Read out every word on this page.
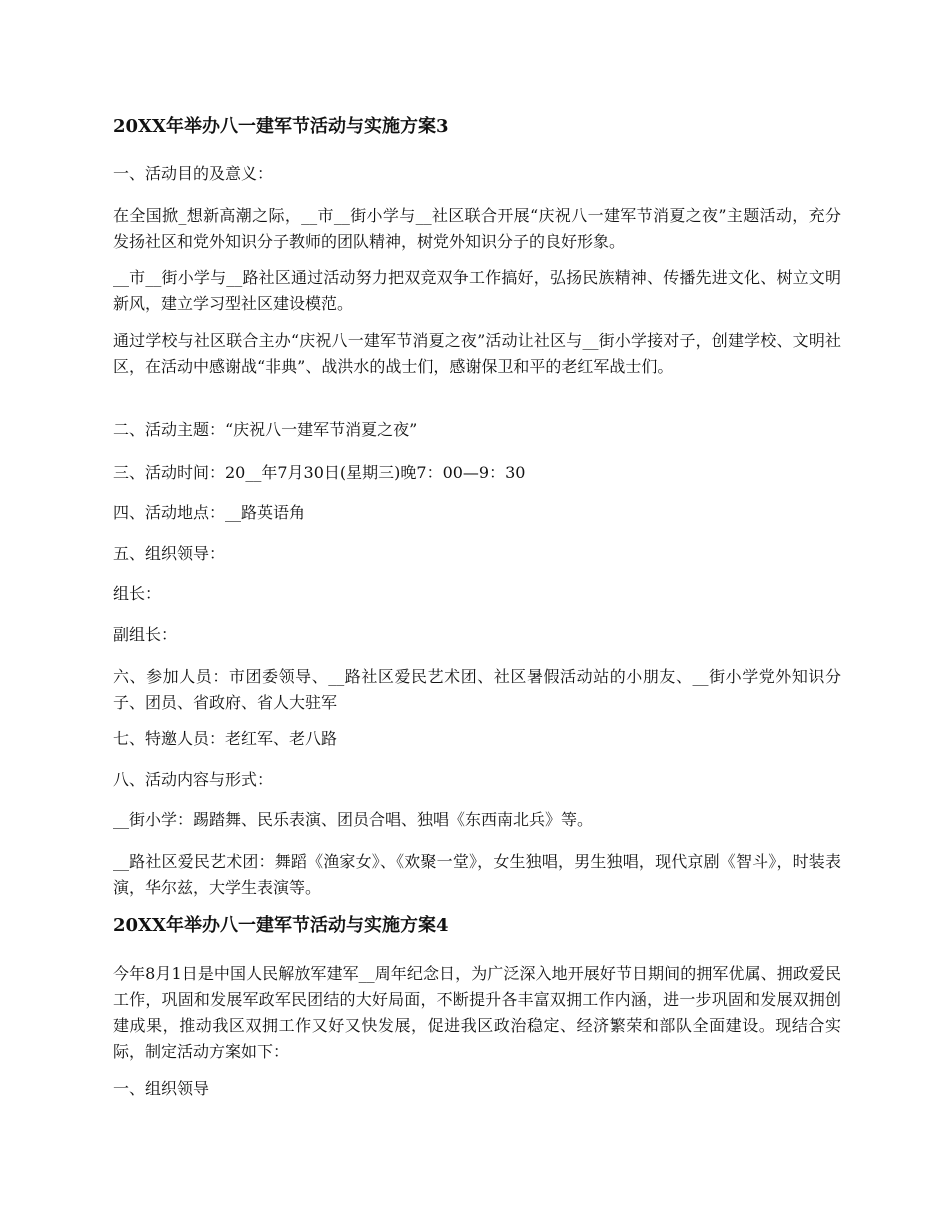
20XX年举办八一建军节活动与实施方案3

一、活动目的及意义：

在全国掀_想新高潮之际，__市__街小学与__社区联合开展“庆祝八一建军节消夏之夜”主题活动，充分发扬社区和党外知识分子教师的团队精神，树党外知识分子的良好形象。

__市__街小学与__路社区通过活动努力把双竞双争工作搞好，弘扬民族精神、传播先进文化、树立文明新风，建立学习型社区建设模范。

通过学校与社区联合主办“庆祝八一建军节消夏之夜”活动让社区与__街小学接对子，创建学校、文明社区，在活动中感谢战“非典”、战洪水的战士们，感谢保卫和平的老红军战士们。

二、活动主题：“庆祝八一建军节消夏之夜”

三、活动时间：20__年7月30日(星期三)晚7：00—9：30

四、活动地点：__路英语角

五、组织领导：

组长：

副组长：

六、参加人员：市团委领导、__路社区爱民艺术团、社区暑假活动站的小朋友、__街小学党外知识分子、团员、省政府、省人大驻军

七、特邀人员：老红军、老八路

八、活动内容与形式：

__街小学：踢踏舞、民乐表演、团员合唱、独唱《东西南北兵》等。

__路社区爱民艺术团：舞蹈《渔家女》、《欢聚一堂》，女生独唱，男生独唱，现代京剧《智斗》，时装表演，华尔兹，大学生表演等。

20XX年举办八一建军节活动与实施方案4

今年8月1日是中国人民解放军建军__周年纪念日，为广泛深入地开展好节日期间的拥军优属、拥政爱民工作，巩固和发展军政军民团结的大好局面，不断提升各丰富双拥工作内涵，进一步巩固和发展双拥创建成果，推动我区双拥工作又好又快发展，促进我区政治稳定、经济繁荣和部队全面建设。现结合实际，制定活动方案如下：

一、组织领导
